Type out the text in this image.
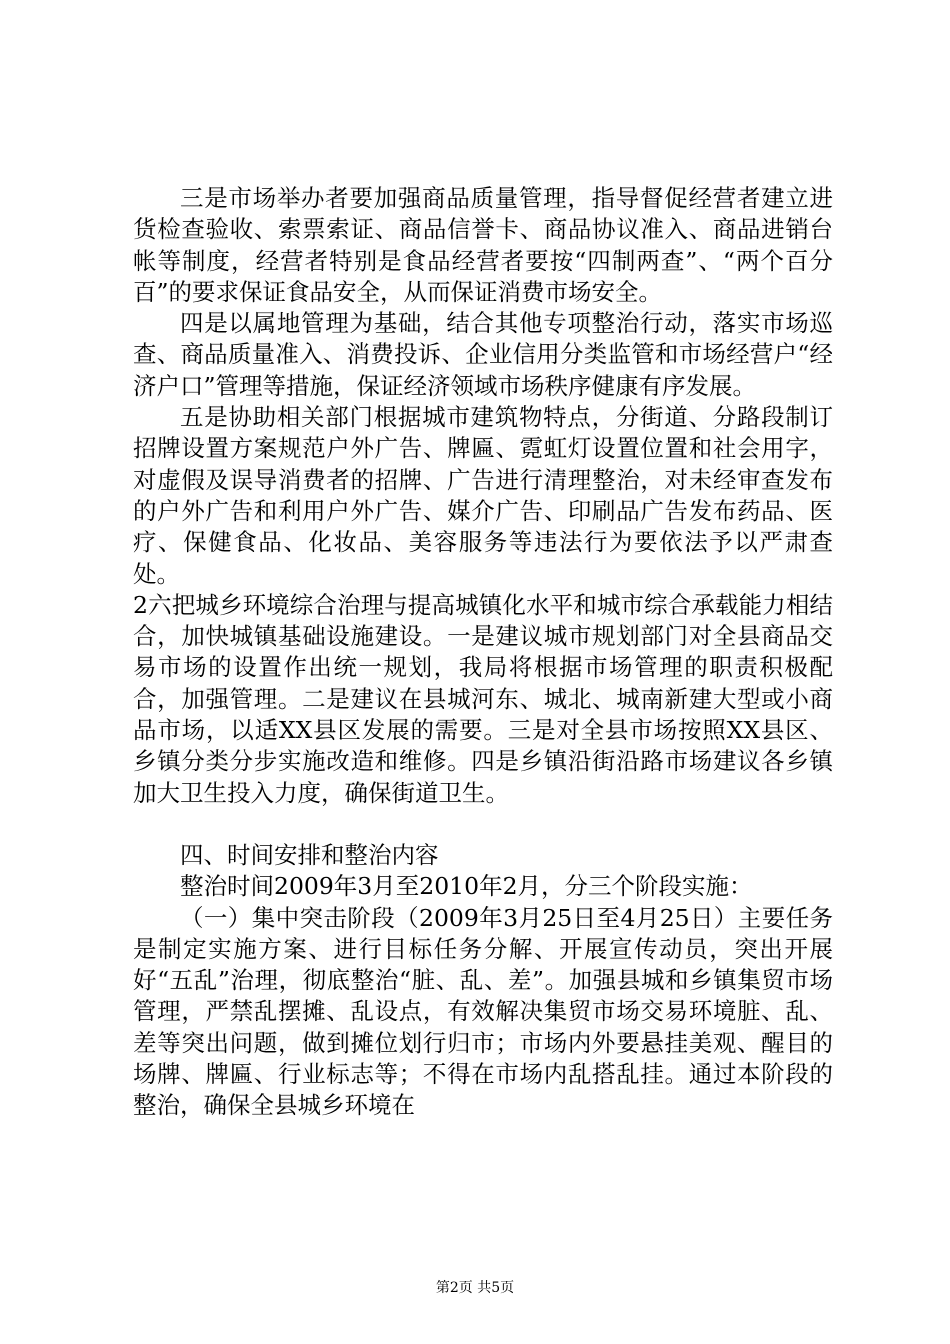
三是市场举办者要加强商品质量管理，指导督促经营者建立进货检查验收、索票索证、商品信誉卡、商品协议准入、商品进销台帐等制度，经营者特别是食品经营者要按“四制两查”、“两个百分百”的要求保证食品安全，从而保证消费市场安全。

四是以属地管理为基础，结合其他专项整治行动，落实市场巡查、商品质量准入、消费投诉、企业信用分类监管和市场经营户“经济户口”管理等措施，保证经济领域市场秩序健康有序发展。

五是协助相关部门根据城市建筑物特点，分街道、分路段制订招牌设置方案规范户外广告、牌匾、霓虹灯设置位置和社会用字，对虚假及误导消费者的招牌、广告进行清理整治，对未经审查发布的户外广告和利用户外广告、媒介广告、印刷品广告发布药品、医疗、保健食品、化妆品、美容服务等违法行为要依法予以严肃查处。

2六把城乡环境综合治理与提高城镇化水平和城市综合承载能力相结合，加快城镇基础设施建设。一是建议城市规划部门对全县商品交易市场的设置作出统一规划，我局将根据市场管理的职责积极配合，加强管理。二是建议在县城河东、城北、城南新建大型或小商品市场，以适XX县区发展的需要。三是对全县市场按照XX县区、乡镇分类分步实施改造和维修。四是乡镇沿街沿路市场建议各乡镇加大卫生投入力度，确保街道卫生。

四、时间安排和整治内容

整治时间2009年3月至2010年2月，分三个阶段实施：

（一）集中突击阶段（2009年3月25日至4月25日）主要任务是制定实施方案、进行目标任务分解、开展宣传动员，突出开展好“五乱”治理，彻底整治“脏、乱、差”。加强县城和乡镇集贸市场管理，严禁乱摆摊、乱设点，有效解决集贸市场交易环境脏、乱、差等突出问题，做到摊位划行归市；市场内外要悬挂美观、醒目的场牌、牌匾、行业标志等；不得在市场内乱搭乱挂。通过本阶段的整治，确保全县城乡环境在

第2页 共5页
